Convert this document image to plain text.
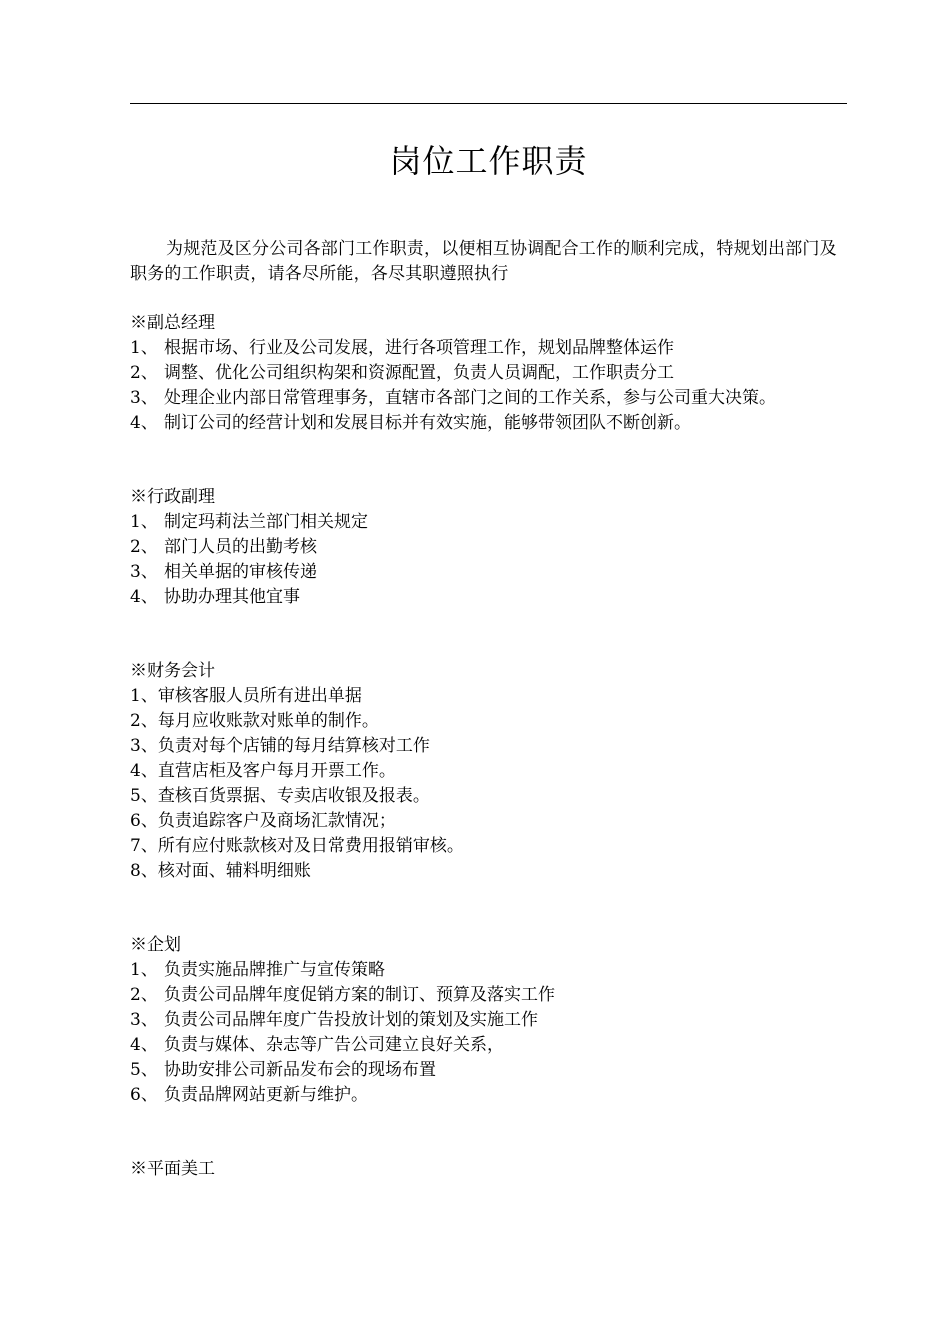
岗位工作职责
为规范及区分公司各部门工作职责，以便相互协调配合工作的顺利完成，特规划出部门及职务的工作职责，请各尽所能，各尽其职遵照执行
※副总经理
1、 根据市场、行业及公司发展，进行各项管理工作，规划品牌整体运作
2、 调整、优化公司组织构架和资源配置，负责人员调配，工作职责分工
3、 处理企业内部日常管理事务，直辖市各部门之间的工作关系，参与公司重大决策。
4、 制订公司的经营计划和发展目标并有效实施，能够带领团队不断创新。
※行政副理
1、 制定玛莉法兰部门相关规定
2、 部门人员的出勤考核
3、 相关单据的审核传递
4、 协助办理其他宜事
※财务会计
1、审核客服人员所有进出单据
2、每月应收账款对账单的制作。
3、负责对每个店铺的每月结算核对工作
4、直营店柜及客户每月开票工作。
5、查核百货票据、专卖店收银及报表。
6、负责追踪客户及商场汇款情况；
7、所有应付账款核对及日常费用报销审核。
8、核对面、辅料明细账
※企划
1、 负责实施品牌推广与宣传策略
2、 负责公司品牌年度促销方案的制订、预算及落实工作
3、 负责公司品牌年度广告投放计划的策划及实施工作
4、 负责与媒体、杂志等广告公司建立良好关系，
5、 协助安排公司新品发布会的现场布置
6、 负责品牌网站更新与维护。
※平面美工
